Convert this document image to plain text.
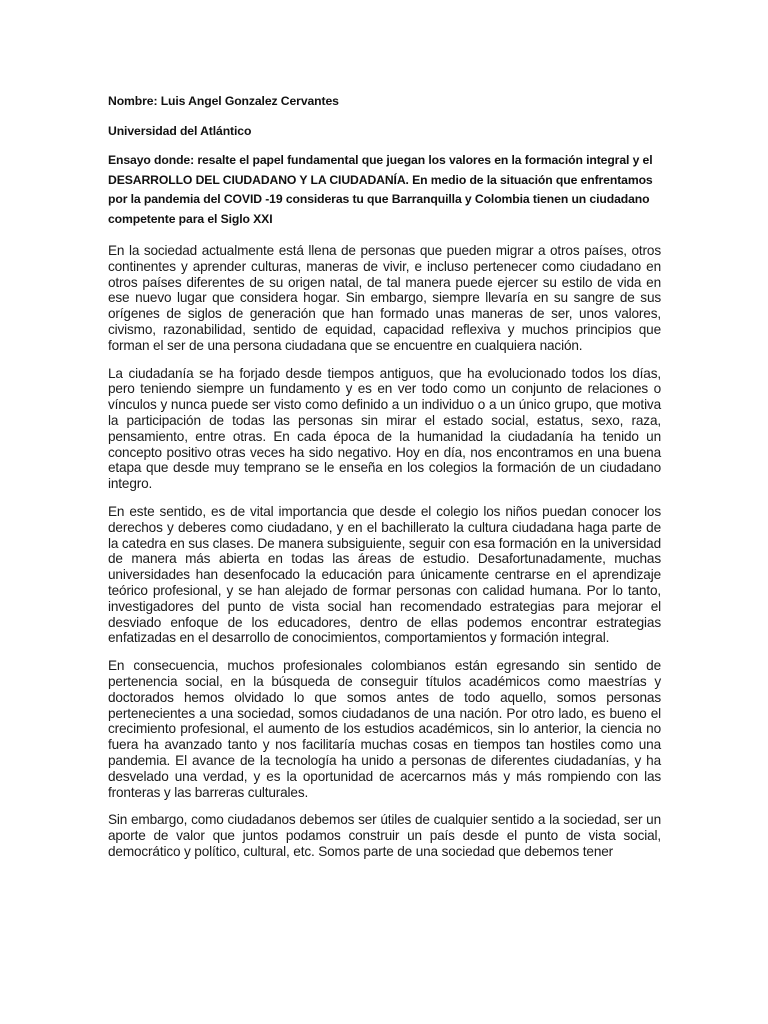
Nombre: Luis Angel Gonzalez Cervantes

Universidad del Atlántico

Ensayo donde: resalte el papel fundamental que juegan los valores en la formación integral y el DESARROLLO DEL CIUDADANO Y LA CIUDADANÍA. En medio de la situación que enfrentamos por la pandemia del COVID -19 consideras tu que Barranquilla y Colombia tienen un ciudadano competente para el Siglo XXI

En la sociedad actualmente está llena de personas que pueden migrar a otros países, otros continentes y aprender culturas, maneras de vivir, e incluso pertenecer como ciudadano en otros países diferentes de su origen natal, de tal manera puede ejercer su estilo de vida en ese nuevo lugar que considera hogar. Sin embargo, siempre llevaría en su sangre de sus orígenes de siglos de generación que han formado unas maneras de ser, unos valores, civismo, razonabilidad, sentido de equidad, capacidad reflexiva y muchos principios que forman el ser de una persona ciudadana que se encuentre en cualquiera nación.

La ciudadanía se ha forjado desde tiempos antiguos, que ha evolucionado todos los días, pero teniendo siempre un fundamento y es en ver todo como un conjunto de relaciones o vínculos y nunca puede ser visto como definido a un individuo o a un único grupo, que motiva la participación de todas las personas sin mirar el estado social, estatus, sexo, raza, pensamiento, entre otras. En cada época de la humanidad la ciudadanía ha tenido un concepto positivo otras veces ha sido negativo. Hoy en día, nos encontramos en una buena etapa que desde muy temprano se le enseña en los colegios la formación de un ciudadano integro.

En este sentido, es de vital importancia que desde el colegio los niños puedan conocer los derechos y deberes como ciudadano, y en el bachillerato la cultura ciudadana haga parte de la catedra en sus clases. De manera subsiguiente, seguir con esa formación en la universidad de manera más abierta en todas las áreas de estudio. Desafortunadamente, muchas universidades han desenfocado la educación para únicamente centrarse en el aprendizaje teórico profesional, y se han alejado de formar personas con calidad humana. Por lo tanto, investigadores del punto de vista social han recomendado estrategias para mejorar el desviado enfoque de los educadores, dentro de ellas podemos encontrar estrategias enfatizadas en el desarrollo de conocimientos, comportamientos y formación integral.

En consecuencia, muchos profesionales colombianos están egresando sin sentido de pertenencia social, en la búsqueda de conseguir títulos académicos como maestrías y doctorados hemos olvidado lo que somos antes de todo aquello, somos personas pertenecientes a una sociedad, somos ciudadanos de una nación. Por otro lado, es bueno el crecimiento profesional, el aumento de los estudios académicos, sin lo anterior, la ciencia no fuera ha avanzado tanto y nos facilitaría muchas cosas en tiempos tan hostiles como una pandemia. El avance de la tecnología ha unido a personas de diferentes ciudadanías, y ha desvelado una verdad, y es la oportunidad de acercarnos más y más rompiendo con las fronteras y las barreras culturales.

Sin embargo, como ciudadanos debemos ser útiles de cualquier sentido a la sociedad, ser un aporte de valor que juntos podamos construir un país desde el punto de vista social, democrático y político, cultural, etc. Somos parte de una sociedad que debemos tener
